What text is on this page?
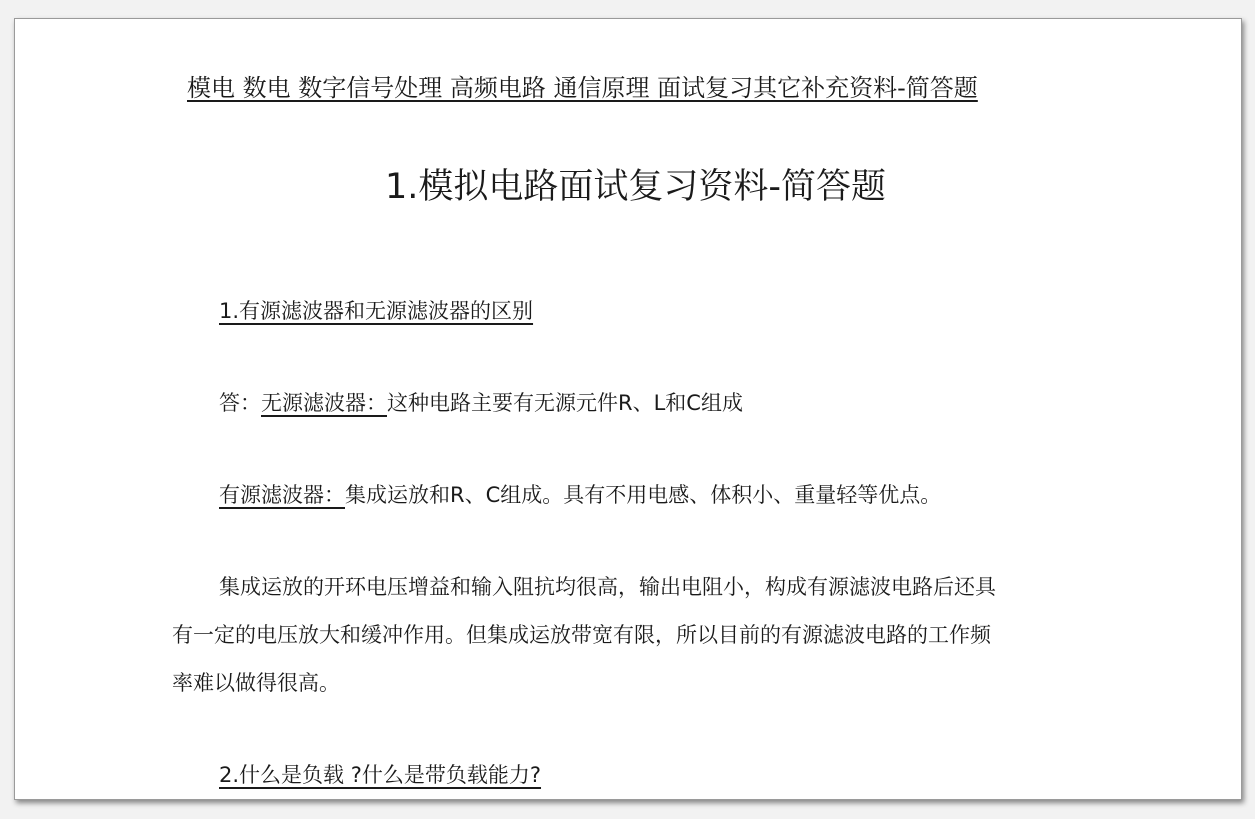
模电 数电 数字信号处理 高频电路 通信原理 面试复习其它补充资料-简答题
1.模拟电路面试复习资料-简答题

1.有源滤波器和无源滤波器的区别 

答：无源滤波器：这种电路主要有无源元件R、L和C组成

有源滤波器：集成运放和R、C组成。具有不用电感、体积小、重量轻等优点。

集成运放的开环电压增益和输入阻抗均很高，输出电阻小，构成有源滤波电路后还具

有一定的电压放大和缓冲作用。但集成运放带宽有限，所以目前的有源滤波电路的工作频

率难以做得很高。

2.什么是负载 ?什么是带负载能力? 
